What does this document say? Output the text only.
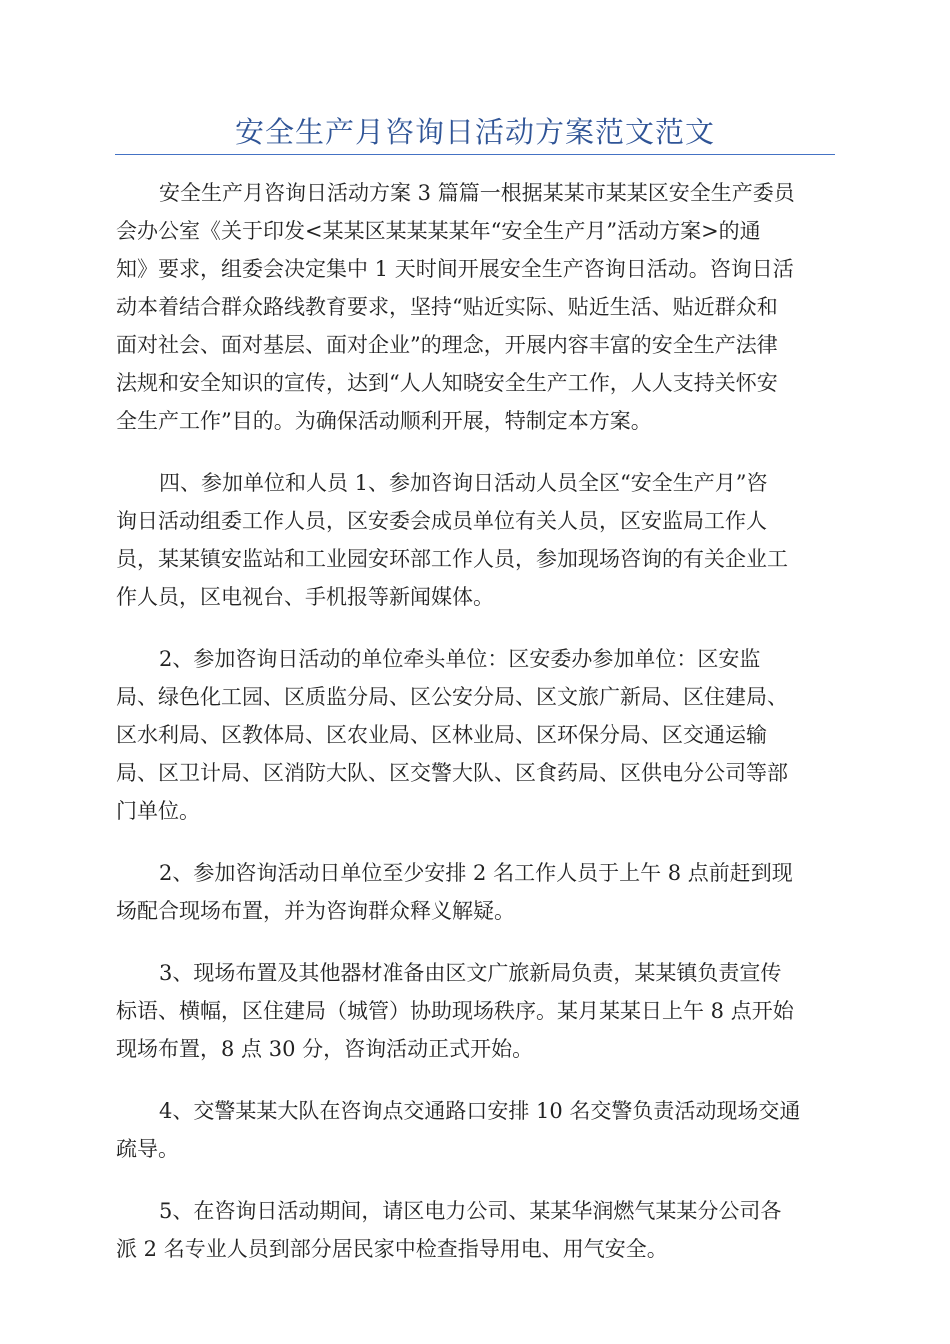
安全生产月咨询日活动方案范文范文
安全生产月咨询日活动方案 3 篇篇一根据某某市某某区安全生产委员
会办公室《关于印发<某某区某某某某年“安全生产月”活动方案>的通
知》要求，组委会决定集中 1 天时间开展安全生产咨询日活动。咨询日活
动本着结合群众路线教育要求，坚持“贴近实际、贴近生活、贴近群众和
面对社会、面对基层、面对企业”的理念，开展内容丰富的安全生产法律
法规和安全知识的宣传，达到“人人知晓安全生产工作，人人支持关怀安
全生产工作”目的。为确保活动顺利开展，特制定本方案。
四、参加单位和人员 1、参加咨询日活动人员全区“安全生产月”咨
询日活动组委工作人员，区安委会成员单位有关人员，区安监局工作人
员，某某镇安监站和工业园安环部工作人员，参加现场咨询的有关企业工
作人员，区电视台、手机报等新闻媒体。
2、参加咨询日活动的单位牵头单位：区安委办参加单位：区安监
局、绿色化工园、区质监分局、区公安分局、区文旅广新局、区住建局、
区水利局、区教体局、区农业局、区林业局、区环保分局、区交通运输
局、区卫计局、区消防大队、区交警大队、区食药局、区供电分公司等部
门单位。
2、参加咨询活动日单位至少安排 2 名工作人员于上午 8 点前赶到现
场配合现场布置，并为咨询群众释义解疑。
3、现场布置及其他器材准备由区文广旅新局负责，某某镇负责宣传
标语、横幅，区住建局（城管）协助现场秩序。某月某某日上午 8 点开始
现场布置，8 点 30 分，咨询活动正式开始。
4、交警某某大队在咨询点交通路口安排 10 名交警负责活动现场交通
疏导。
5、在咨询日活动期间，请区电力公司、某某华润燃气某某分公司各
派 2 名专业人员到部分居民家中检查指导用电、用气安全。
